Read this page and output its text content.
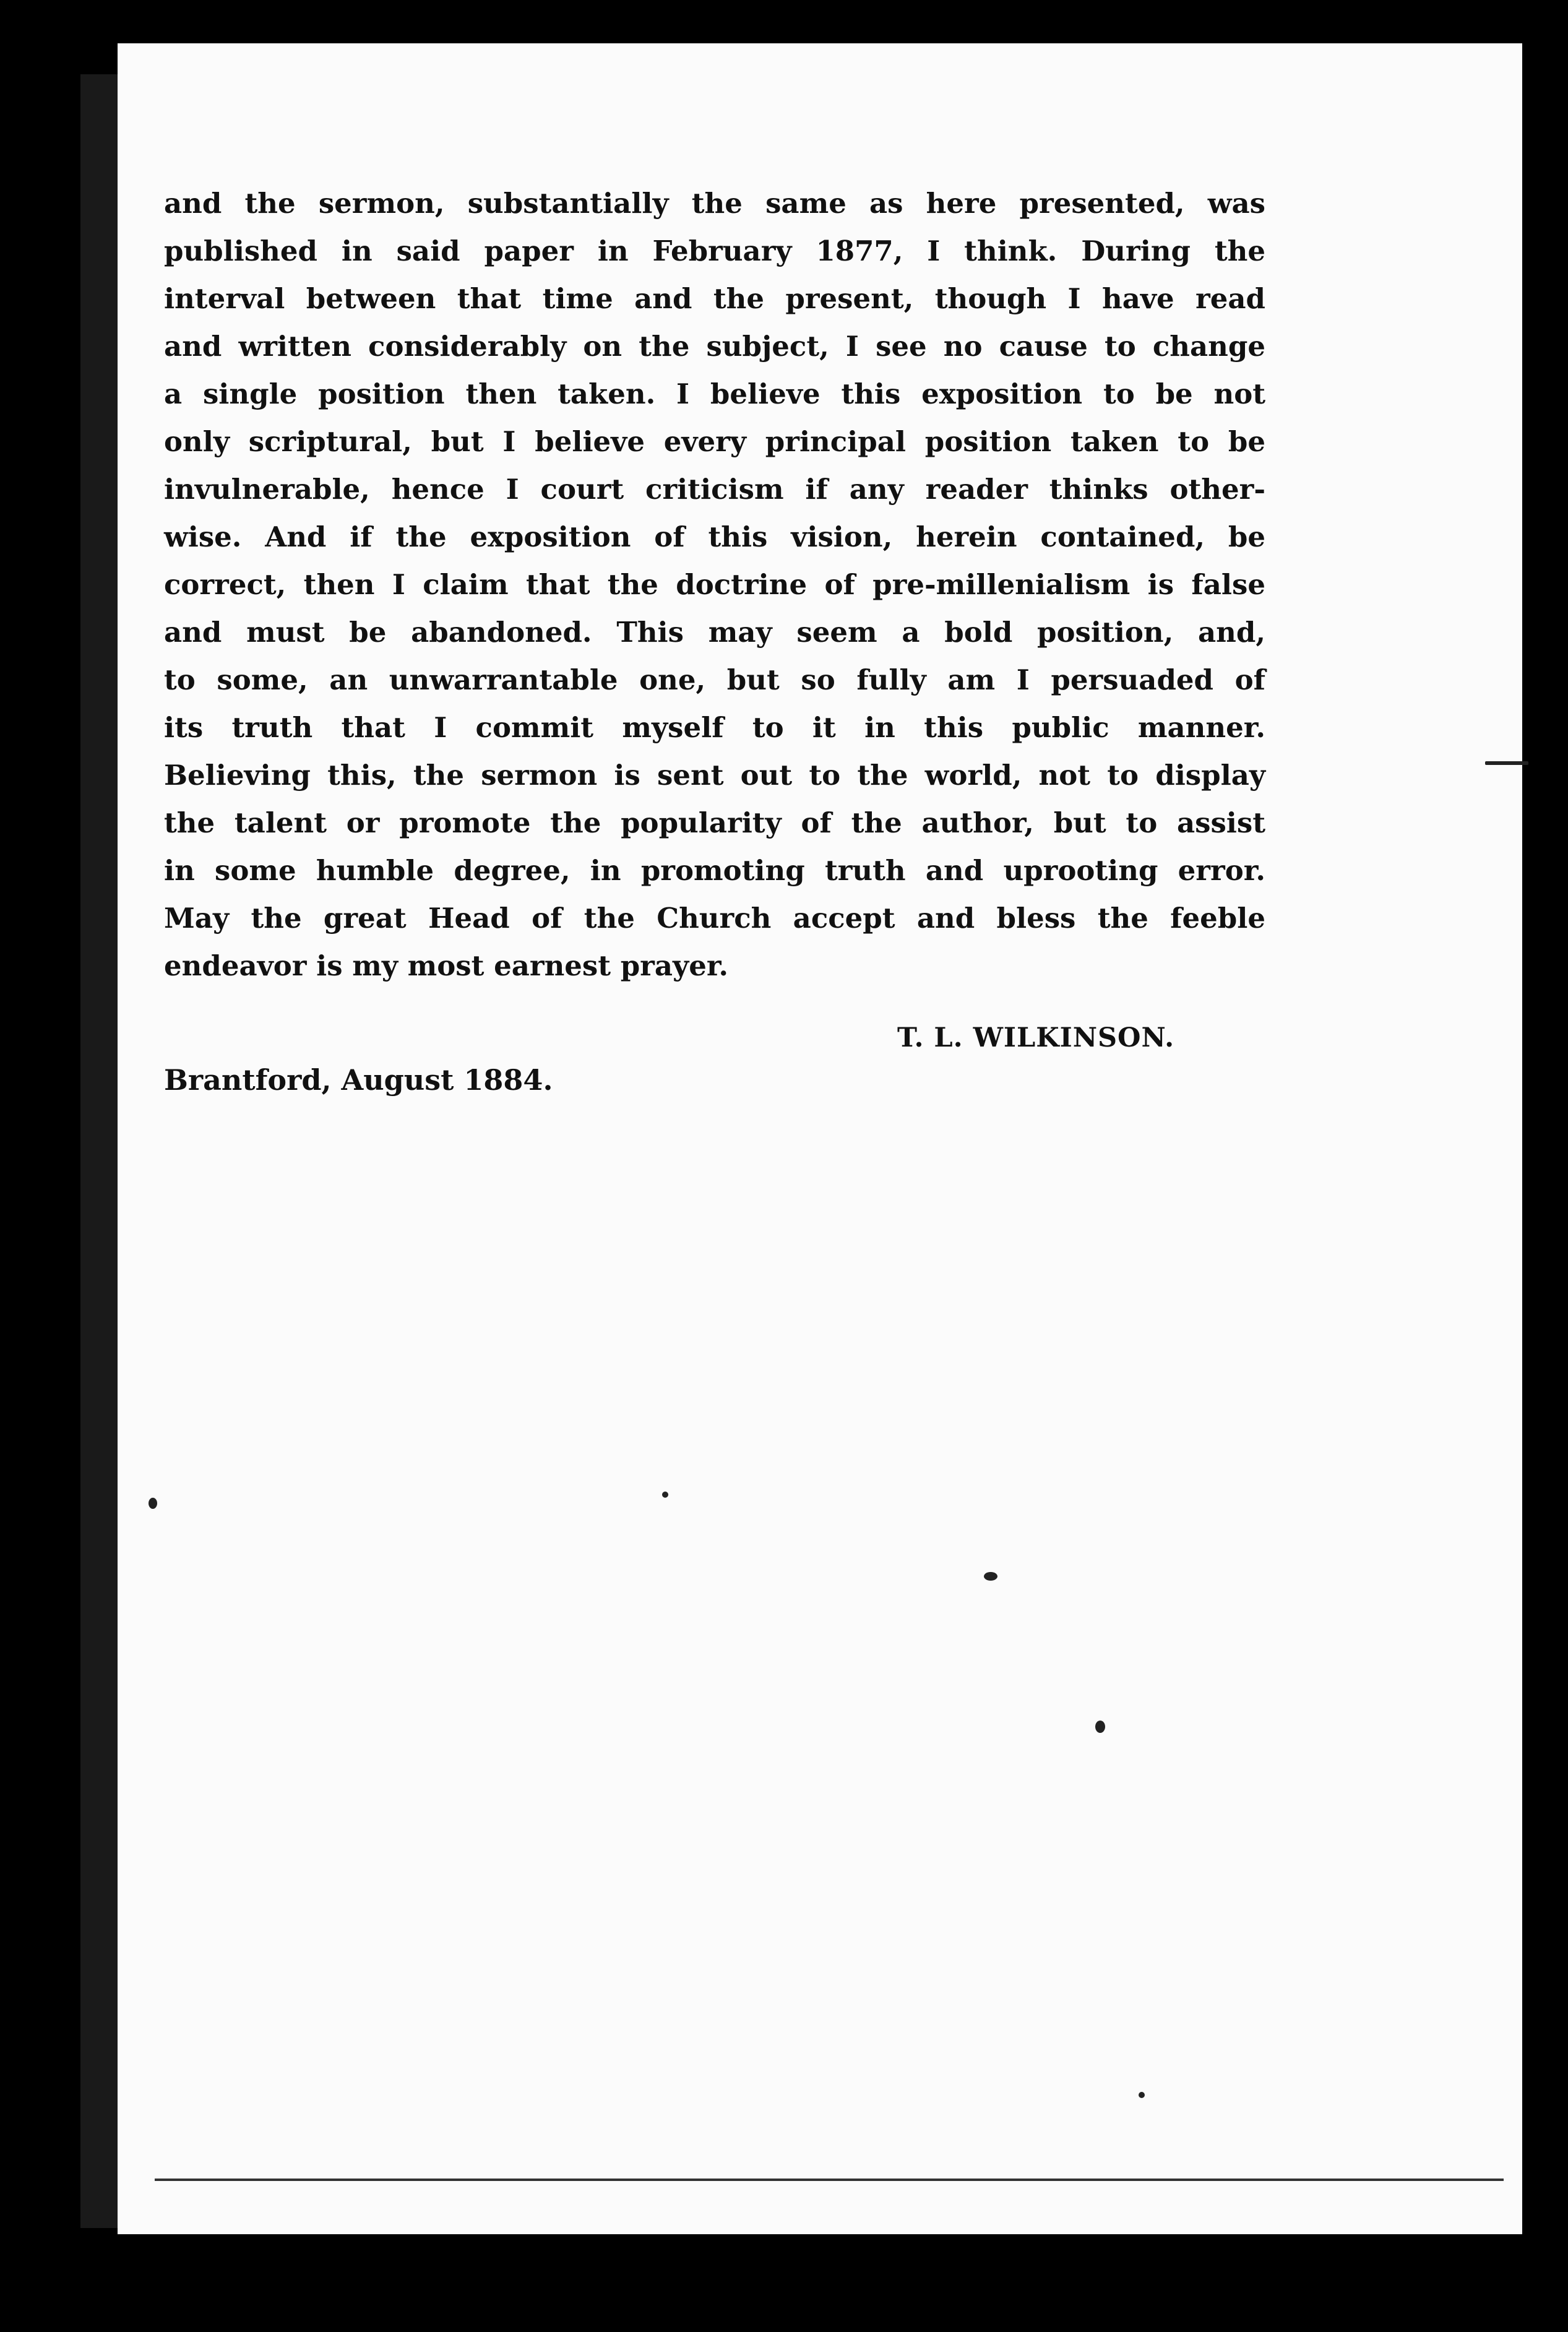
and the sermon, substantially the same as here presented, was
published in said paper in February 1877, I think. During the
interval between that time and the present, though I have read
and written considerably on the subject, I see no cause to change
a single position then taken. I believe this exposition to be not
only scriptural, but I believe every principal position taken to be
invulnerable, hence I court criticism if any reader thinks other-
wise. And if the exposition of this vision, herein contained, be
correct, then I claim that the doctrine of pre-millenialism is false
and must be abandoned. This may seem a bold position, and,
to some, an unwarrantable one, but so fully am I persuaded of
its truth that I commit myself to it in this public manner.
Believing this, the sermon is sent out to the world, not to display
the talent or promote the popularity of the author, but to assist
in some humble degree, in promoting truth and uprooting error.
May the great Head of the Church accept and bless the feeble
endeavor is my most earnest prayer.
T. L. WILKINSON.
Brantford, August 1884.
